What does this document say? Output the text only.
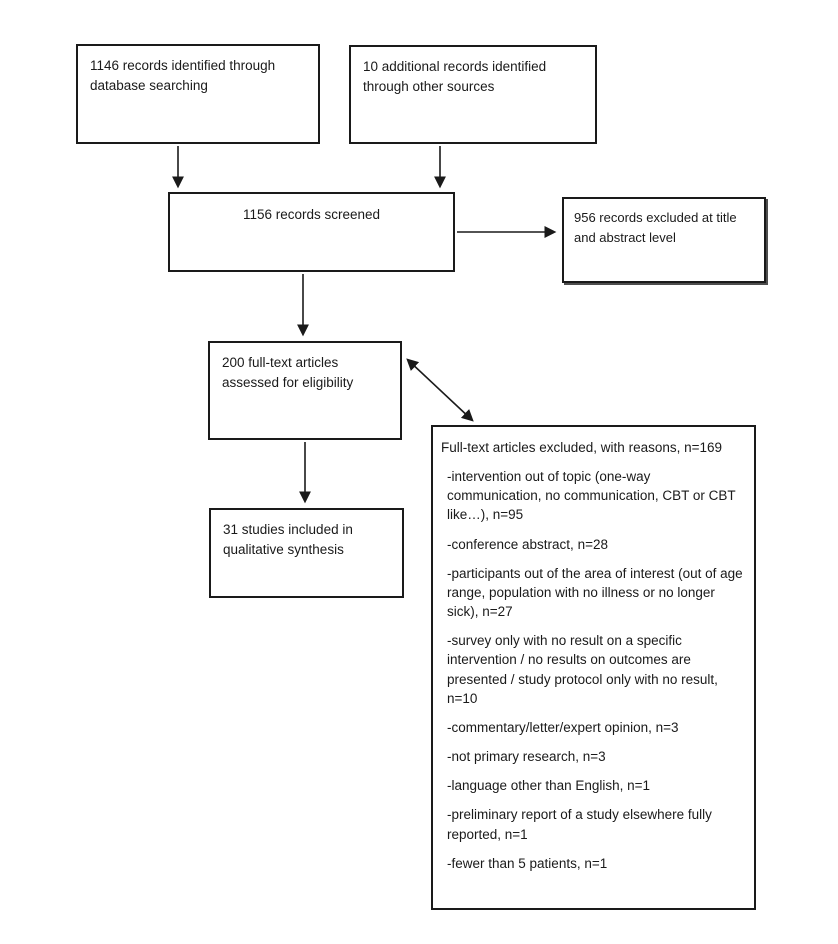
1146 records identified through database searching
10 additional records identified through other sources
1156 records screened	956 records excluded at title and abstract level
200 full-text articles assessed for eligibility
31 studies included in qualitative synthesis
Full-text articles excluded, with reasons, n=169

-intervention out of topic (one-way communication, no communication, CBT or CBT like…), n=95

-conference abstract, n=28

-participants out of the area of interest (out of age range, population with no illness or no longer sick), n=27

-survey only with no result on a specific intervention / no results on outcomes are presented / study protocol only with no result, n=10

-commentary/letter/expert opinion, n=3

-not primary research, n=3

-language other than English, n=1

-preliminary report of a study elsewhere fully reported, n=1

-fewer than 5 patients, n=1
